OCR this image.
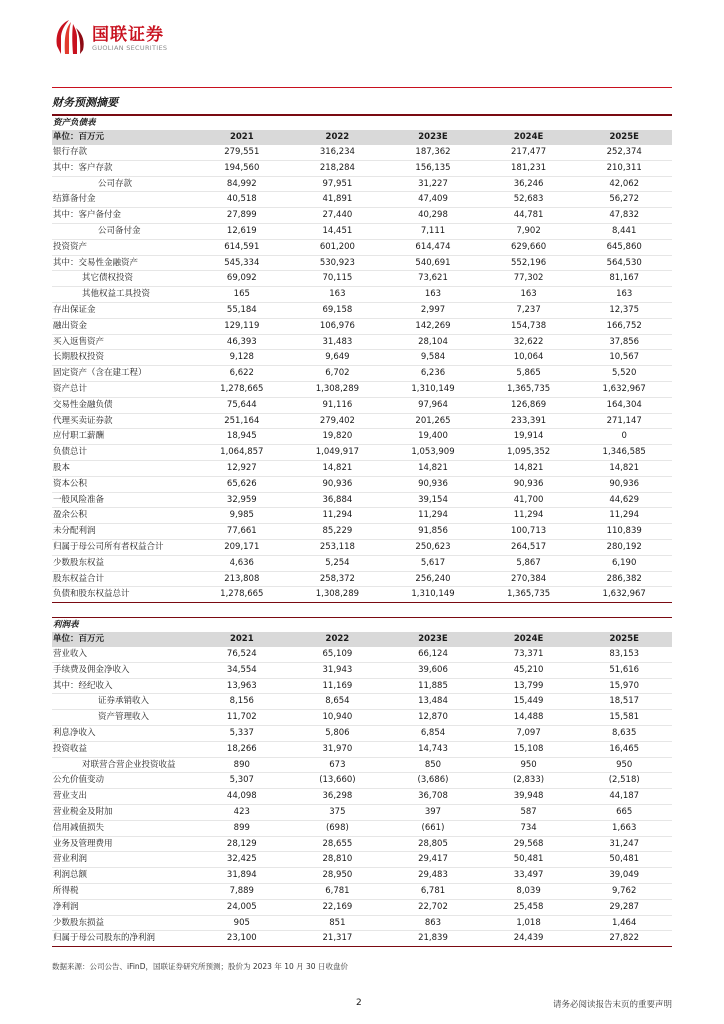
国联证券
GUOLIAN SECURITIES
财务预测摘要
资产负债表					
单位：百万元	2021	2022	2023E	2024E	2025E
银行存款	279,551	316,234	187,362	217,477	252,374
其中：客户存款	194,560	218,284	156,135	181,231	210,311
公司存款	84,992	97,951	31,227	36,246	42,062
结算备付金	40,518	41,891	47,409	52,683	56,272
其中：客户备付金	27,899	27,440	40,298	44,781	47,832
公司备付金	12,619	14,451	7,111	7,902	8,441
投资资产	614,591	601,200	614,474	629,660	645,860
其中：交易性金融资产	545,334	530,923	540,691	552,196	564,530
其它债权投资	69,092	70,115	73,621	77,302	81,167
其他权益工具投资	165	163	163	163	163
存出保证金	55,184	69,158	2,997	7,237	12,375
融出资金	129,119	106,976	142,269	154,738	166,752
买入返售资产	46,393	31,483	28,104	32,622	37,856
长期股权投资	9,128	9,649	9,584	10,064	10,567
固定资产（含在建工程）	6,622	6,702	6,236	5,865	5,520
资产总计	1,278,665	1,308,289	1,310,149	1,365,735	1,632,967
交易性金融负债	75,644	91,116	97,964	126,869	164,304
代理买卖证券款	251,164	279,402	201,265	233,391	271,147
应付职工薪酬	18,945	19,820	19,400	19,914	0
负债总计	1,064,857	1,049,917	1,053,909	1,095,352	1,346,585
股本	12,927	14,821	14,821	14,821	14,821
资本公积	65,626	90,936	90,936	90,936	90,936
一般风险准备	32,959	36,884	39,154	41,700	44,629
盈余公积	9,985	11,294	11,294	11,294	11,294
未分配利润	77,661	85,229	91,856	100,713	110,839
归属于母公司所有者权益合计	209,171	253,118	250,623	264,517	280,192
少数股东权益	4,636	5,254	5,617	5,867	6,190
股东权益合计	213,808	258,372	256,240	270,384	286,382
负债和股东权益总计	1,278,665	1,308,289	1,310,149	1,365,735	1,632,967
利润表					
单位：百万元	2021	2022	2023E	2024E	2025E
营业收入	76,524	65,109	66,124	73,371	83,153
手续费及佣金净收入	34,554	31,943	39,606	45,210	51,616
其中：经纪收入	13,963	11,169	11,885	13,799	15,970
证券承销收入	8,156	8,654	13,484	15,449	18,517
资产管理收入	11,702	10,940	12,870	14,488	15,581
利息净收入	5,337	5,806	6,854	7,097	8,635
投资收益	18,266	31,970	14,743	15,108	16,465
对联营合营企业投资收益	890	673	850	950	950
公允价值变动	5,307	(13,660)	(3,686)	(2,833)	(2,518)
营业支出	44,098	36,298	36,708	39,948	44,187
营业税金及附加	423	375	397	587	665
信用减值损失	899	(698)	(661)	734	1,663
业务及管理费用	28,129	28,655	28,805	29,568	31,247
营业利润	32,425	28,810	29,417	50,481	50,481
利润总额	31,894	28,950	29,483	33,497	39,049
所得税	7,889	6,781	6,781	8,039	9,762
净利润	24,005	22,169	22,702	25,458	29,287
少数股东损益	905	851	863	1,018	1,464
归属于母公司股东的净利润	23,100	21,317	21,839	24,439	27,822
数据来源：公司公告、iFinD，国联证券研究所预测；股价为 2023 年 10 月 30 日收盘价
2	请务必阅读报告末页的重要声明
